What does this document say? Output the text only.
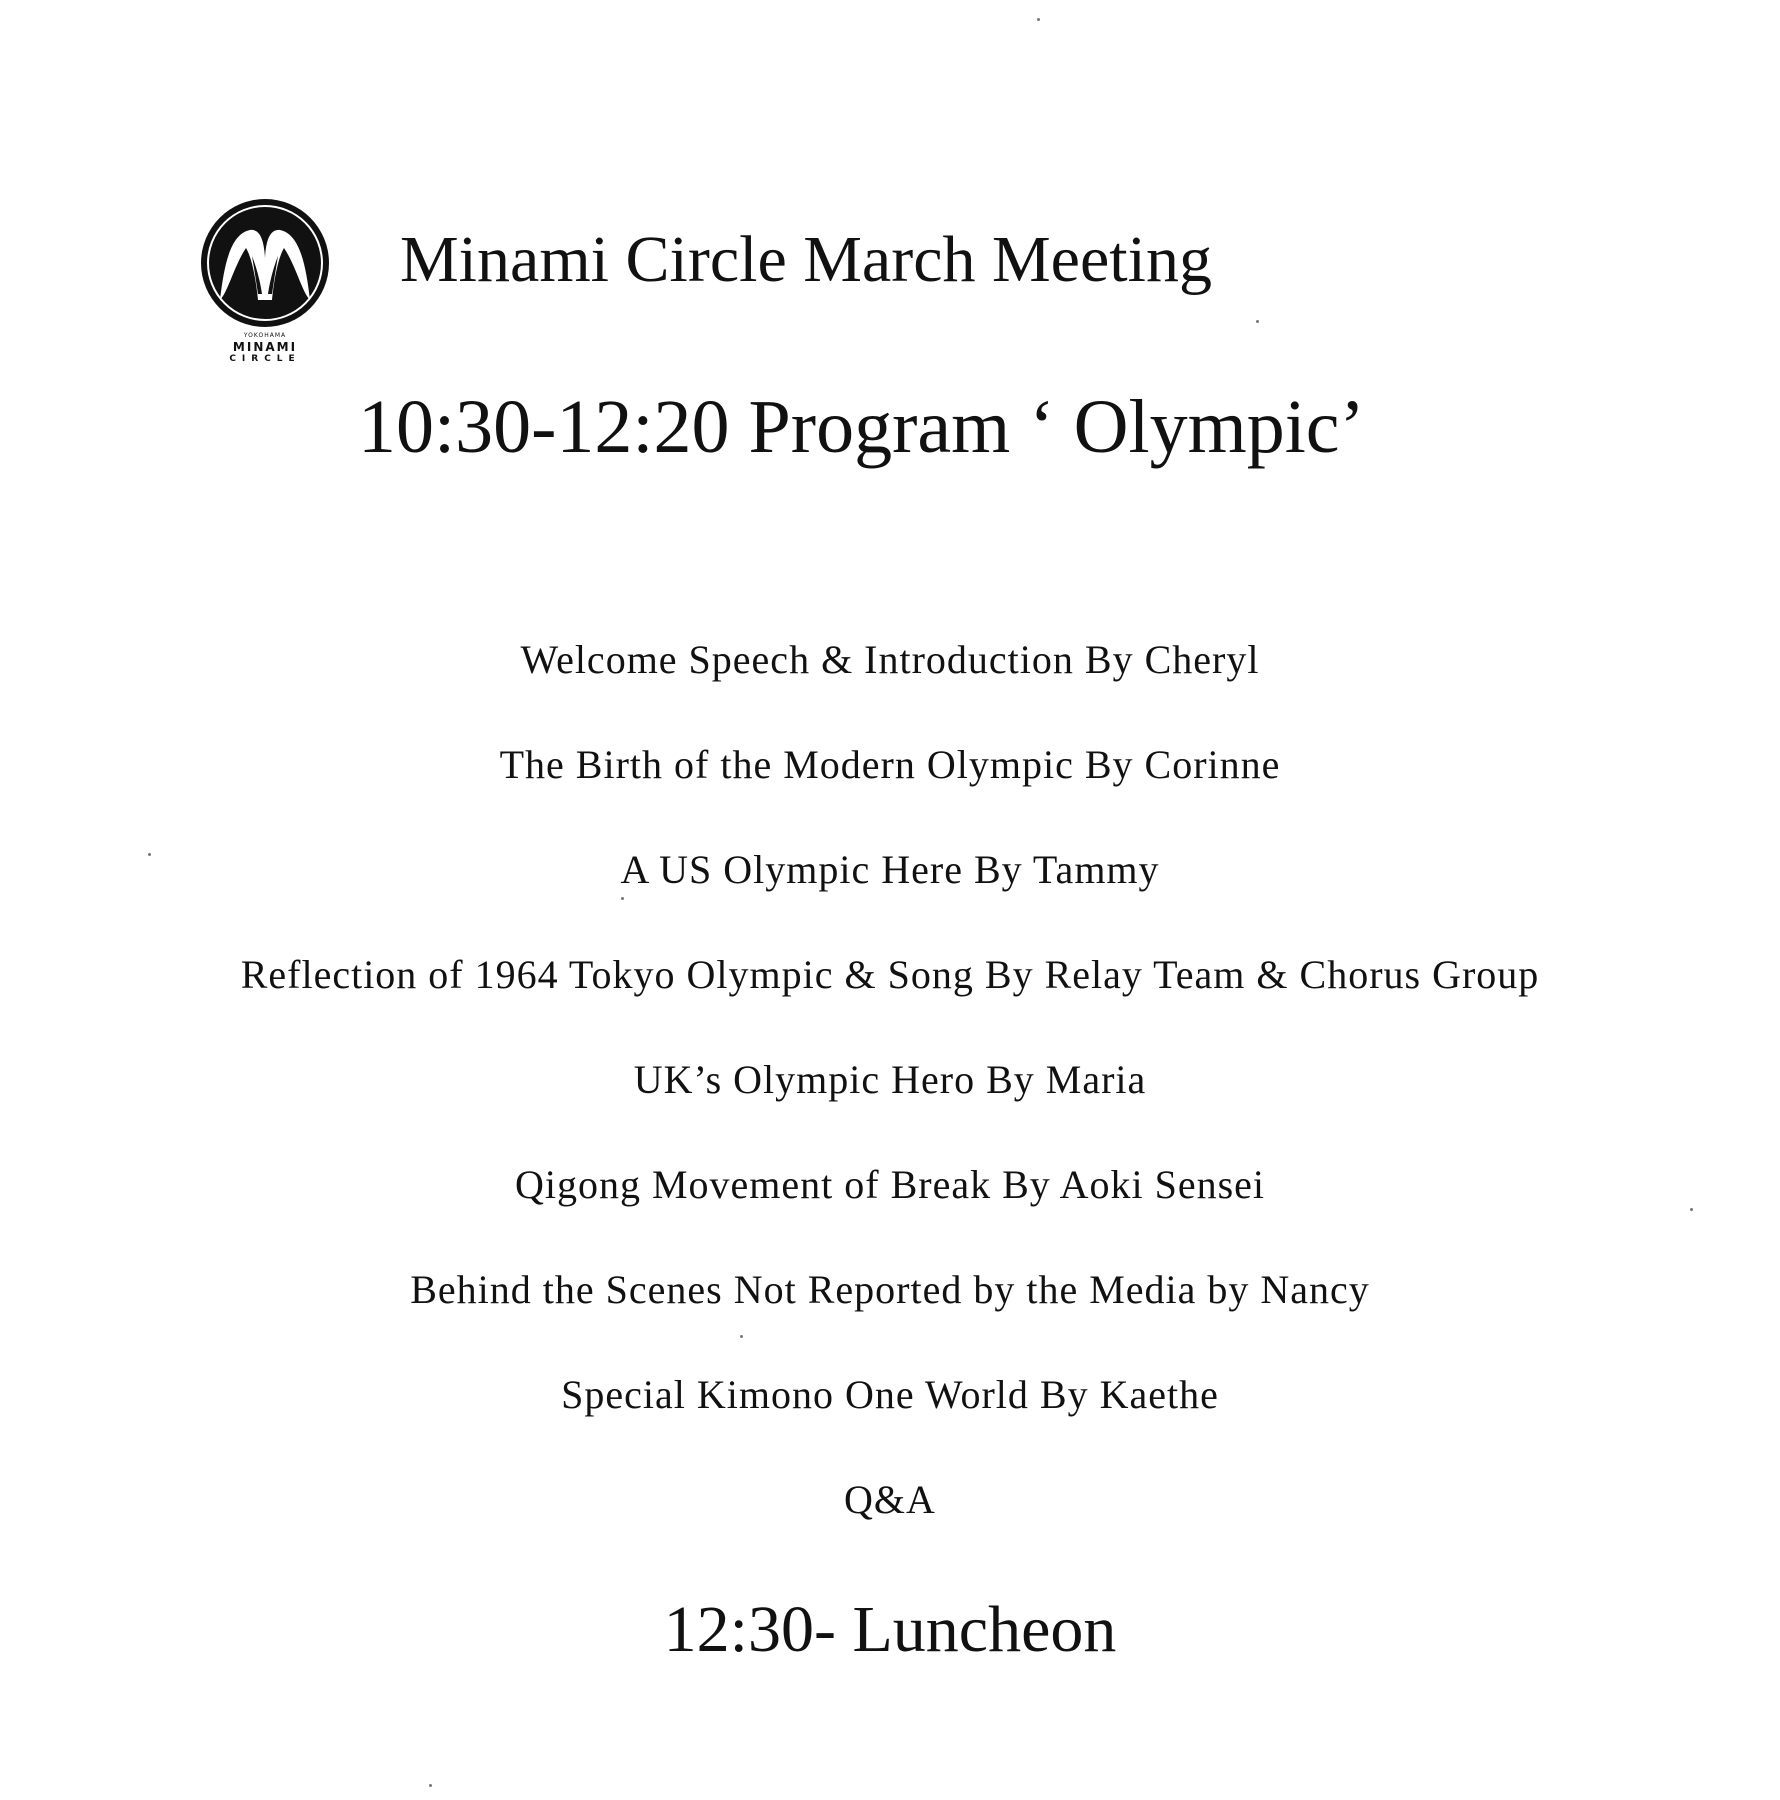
YOKOHAMA
MINAMI
CIRCLE
Minami Circle March Meeting
10:30-12:20 Program ‘ Olympic’
Welcome Speech & Introduction By Cheryl
The Birth of the Modern Olympic By Corinne
A US Olympic Here By Tammy
Reflection of 1964 Tokyo Olympic & Song By Relay Team & Chorus Group
UK’s Olympic Hero By Maria
Qigong Movement of Break By Aoki Sensei
Behind the Scenes Not Reported by the Media by Nancy
Special Kimono One World By Kaethe
Q&A
12:30- Luncheon
